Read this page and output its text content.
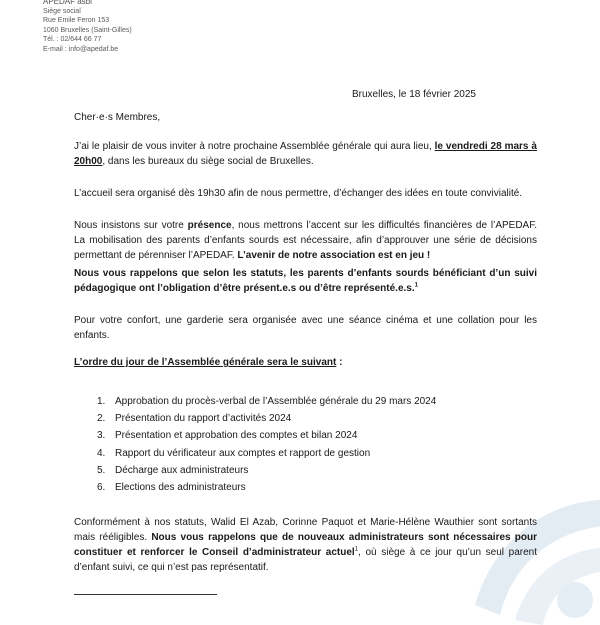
APEDAF asbl
Siège social
Rue Emile Feron 153
1060 Bruxelles (Saint-Gilles)
Tél. : 02/644 66 77
E-mail : info@apedaf.be
Bruxelles, le 18 février 2025
Cher·e·s Membres,
J’ai le plaisir de vous inviter à notre prochaine Assemblée générale qui aura lieu, le vendredi 28 mars à 20h00, dans les bureaux du siège social de Bruxelles.
L’accueil sera organisé dès 19h30 afin de nous permettre, d’échanger des idées en toute convivialité.
Nous insistons sur votre présence, nous mettrons l’accent sur les difficultés financières de l’APEDAF. La mobilisation des parents d’enfants sourds est nécessaire, afin d’approuver une série de décisions permettant de pérenniser l’APEDAF. L’avenir de notre association est en jeu !
Nous vous rappelons que selon les statuts, les parents d’enfants sourds bénéficiant d’un suivi pédagogique ont l’obligation d’être présent.e.s ou d’être représenté.e.s.$^1$
Pour votre confort, une garderie sera organisée avec une séance cinéma et une collation pour les enfants.
L’ordre du jour de l’Assemblée générale sera le suivant :
1. Approbation du procès-verbal de l’Assemblée générale du 29 mars 2024
2. Présentation du rapport d’activités 2024
3. Présentation et approbation des comptes et bilan 2024
4. Rapport du vérificateur aux comptes et rapport de gestion
5. Décharge aux administrateurs
6. Elections des administrateurs
Conformément à nos statuts, Walid El Azab, Corinne Paquot et Marie-Hélène Wauthier sont sortants mais rééligibles. Nous vous rappelons que de nouveaux administrateurs sont nécessaires pour constituer et renforcer le Conseil d’administrateur actuel$^1$, où siège à ce jour qu’un seul parent d’enfant suivi, ce qui n’est pas représentatif.
